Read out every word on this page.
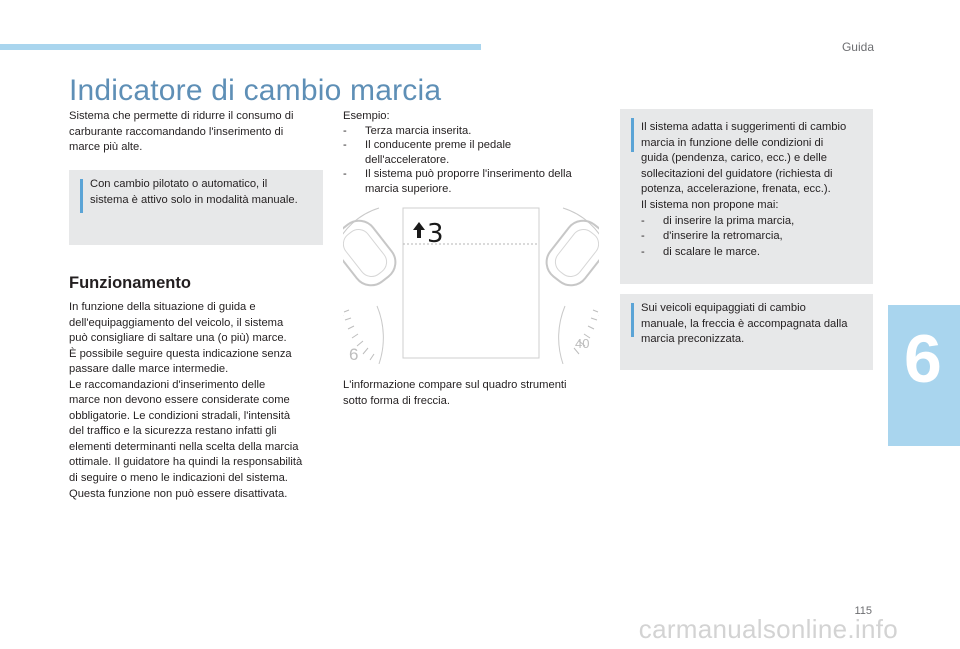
Guida
Indicatore di cambio marcia
Sistema che permette di ridurre il consumo di
carburante raccomandando l'inserimento di
marce più alte.
Con cambio pilotato o automatico, il
sistema è attivo solo in modalità manuale.
Funzionamento
In funzione della situazione di guida e
dell'equipaggiamento del veicolo, il sistema
può consigliare di saltare una (o più) marce.
È possibile seguire questa indicazione senza
passare dalle marce intermedie.
Le raccomandazioni d'inserimento delle
marce non devono essere considerate come
obbligatorie. Le condizioni stradali, l'intensità
del traffico e la sicurezza restano infatti gli
elementi determinanti nella scelta della marcia
ottimale. Il guidatore ha quindi la responsabilità
di seguire o meno le indicazioni del sistema.
Questa funzione non può essere disattivata.
Esempio:
- Terza marcia inserita.
- Il conducente preme il pedale
dell'acceleratore.
- Il sistema può proporre l'inserimento della
marcia superiore.
3
6
40
L'informazione compare sul quadro strumenti
sotto forma di freccia.
Il sistema adatta i suggerimenti di cambio
marcia in funzione delle condizioni di
guida (pendenza, carico, ecc.) e delle
sollecitazioni del guidatore (richiesta di
potenza, accelerazione, frenata, ecc.).
Il sistema non propone mai:
- di inserire la prima marcia,
- d'inserire la retromarcia,
- di scalare le marce.
Sui veicoli equipaggiati di cambio
manuale, la freccia è accompagnata dalla
marcia preconizzata.	6
115
carmanualsonline.info
